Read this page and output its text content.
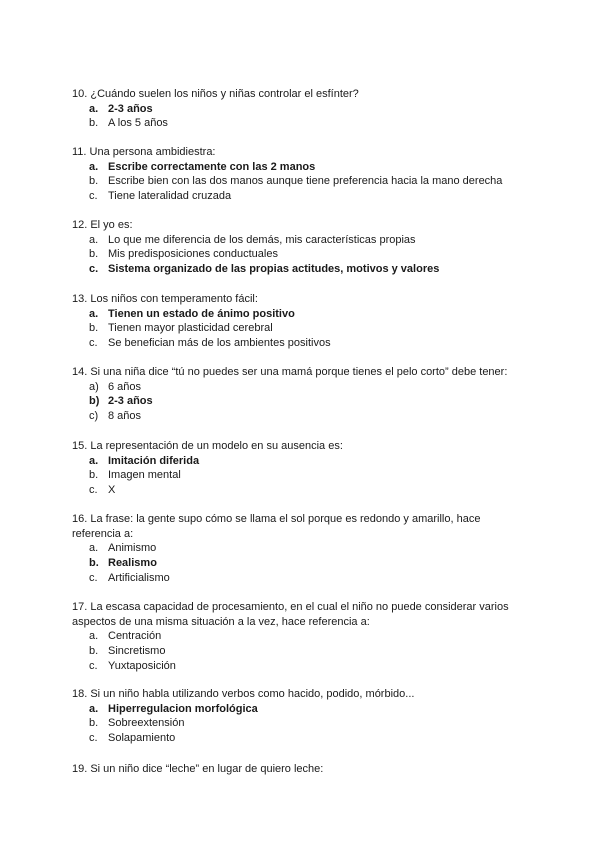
10. ¿Cuándo suelen los niños y niñas controlar el esfínter?
a. 2-3 años
b. A los 5 años
11. Una persona ambidiestra:
a. Escribe correctamente con las 2 manos
b. Escribe bien con las dos manos aunque tiene preferencia hacia la mano derecha
c. Tiene lateralidad cruzada
12. El yo es:
a. Lo que me diferencia de los demás, mis características propias
b. Mis predisposiciones conductuales
c. Sistema organizado de las propias actitudes, motivos y valores
13. Los niños con temperamento fácil:
a. Tienen un estado de ánimo positivo
b. Tienen mayor plasticidad cerebral
c. Se benefician más de los ambientes positivos
14. Si una niña dice “tú no puedes ser una mamá porque tienes el pelo corto” debe tener:
a) 6 años
b) 2-3 años
c) 8 años
15. La representación de un modelo en su ausencia es:
a. Imitación diferida
b. Imagen mental
c. X
16. La frase: la gente supo cómo se llama el sol porque es redondo y amarillo, hace referencia a:
a. Animismo
b. Realismo
c. Artificialismo
17. La escasa capacidad de procesamiento, en el cual el niño no puede considerar varios aspectos de una misma situación a la vez, hace referencia a:
a. Centración
b. Sincretismo
c. Yuxtaposición
18. Si un niño habla utilizando verbos como hacido, podido, mórbido...
a. Hiperregulacion morfológica
b. Sobreextensión
c. Solapamiento
19. Si un niño dice “leche” en lugar de quiero leche:
